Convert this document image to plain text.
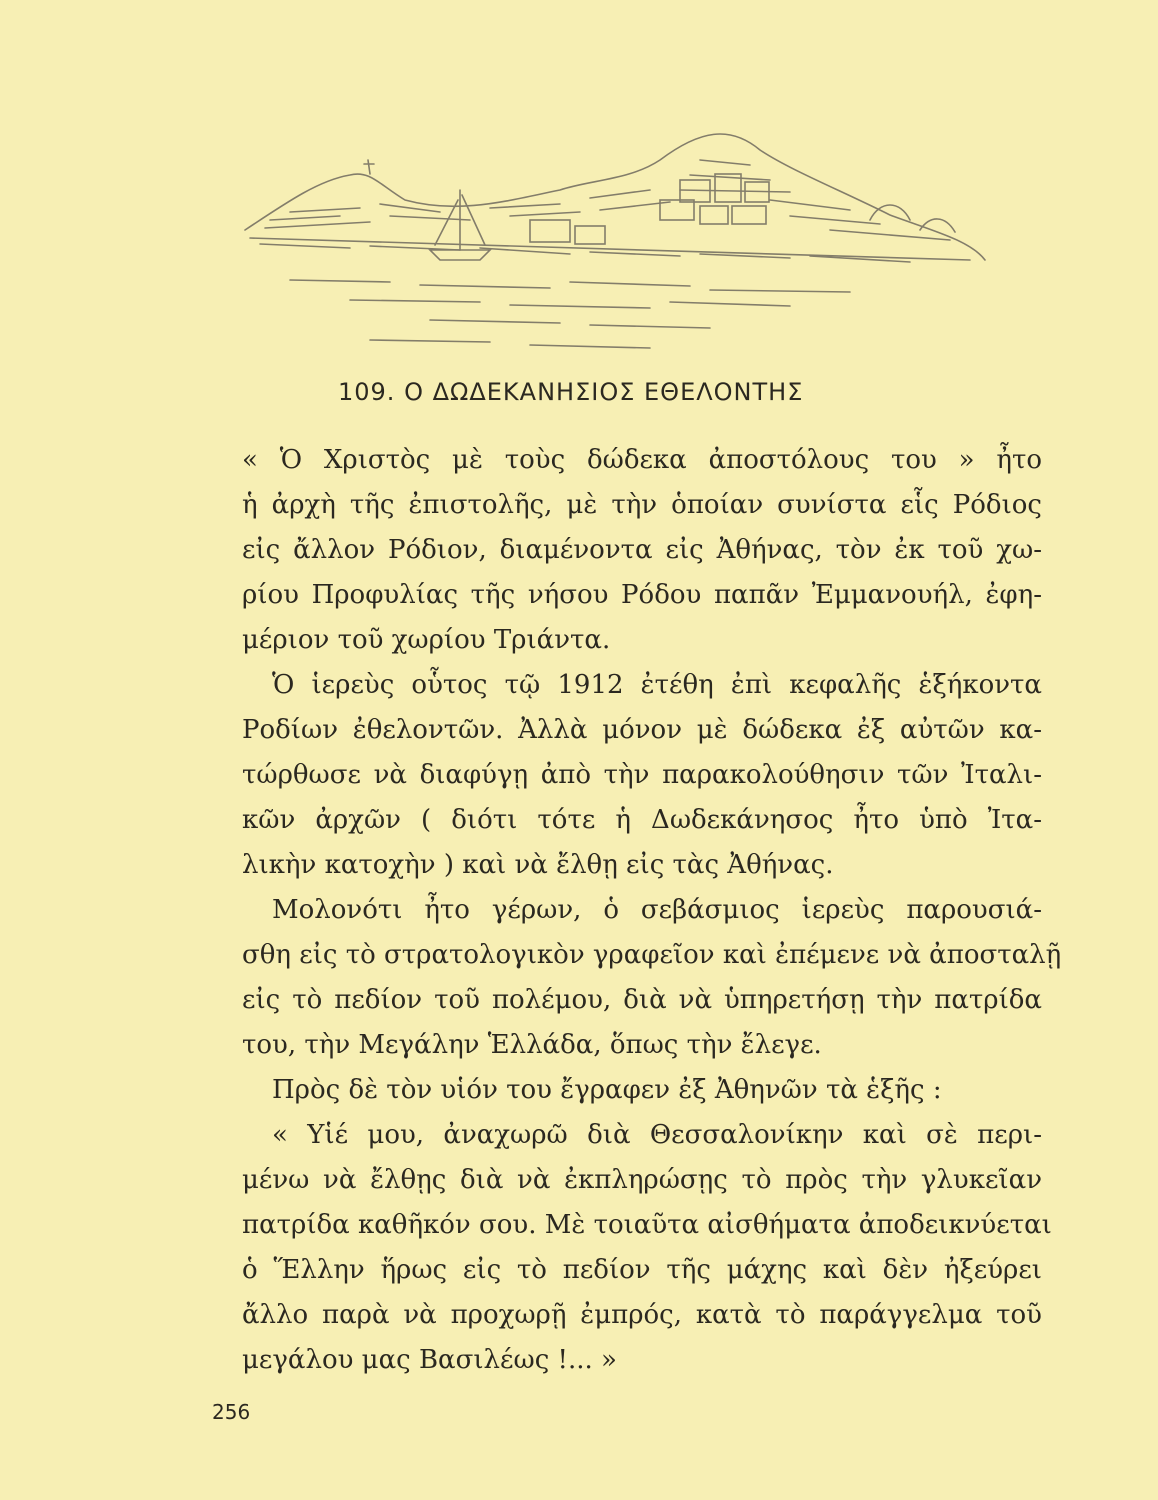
109. Ο ΔΩΔΕΚΑΝΗΣΙΟΣ ΕΘΕΛΟΝΤΗΣ
« Ὁ Χριστὸς μὲ τοὺς δώδεκα ἀποστόλους του » ἦτο
ἡ ἀρχὴ τῆς ἐπιστολῆς, μὲ τὴν ὁποίαν συνίστα εἷς Ρόδιος
εἰς ἄλλον Ρόδιον, διαμένοντα εἰς Ἀθήνας, τὸν ἐκ τοῦ χω-
ρίου Προφυλίας τῆς νήσου Ρόδου παπᾶν Ἐμμανουήλ, ἐφη-
μέριον τοῦ χωρίου Τριάντα.
Ὁ ἱερεὺς οὗτος τῷ 1912 ἐτέθη ἐπὶ κεφαλῆς ἑξήκοντα
Ροδίων ἐθελοντῶν. Ἀλλὰ μόνον μὲ δώδεκα ἐξ αὐτῶν κα-
τώρθωσε νὰ διαφύγῃ ἀπὸ τὴν παρακολούθησιν τῶν Ἰταλι-
κῶν ἀρχῶν ( διότι τότε ἡ Δωδεκάνησος ἦτο ὑπὸ Ἰτα-
λικὴν κατοχὴν ) καὶ νὰ ἔλθῃ εἰς τὰς Ἀθήνας.
Μολονότι ἦτο γέρων, ὁ σεβάσμιος ἱερεὺς παρουσιά-
σθη εἰς τὸ στρατολογικὸν γραφεῖον καὶ ἐπέμενε νὰ ἀποσταλῇ
εἰς τὸ πεδίον τοῦ πολέμου, διὰ νὰ ὑπηρετήσῃ τὴν πατρίδα
του, τὴν Μεγάλην Ἑλλάδα, ὅπως τὴν ἔλεγε.
Πρὸς δὲ τὸν υἱόν του ἔγραφεν ἐξ Ἀθηνῶν τὰ ἑξῆς :
« Υἱέ μου, ἀναχωρῶ διὰ Θεσσαλονίκην καὶ σὲ περι-
μένω νὰ ἔλθῃς διὰ νὰ ἐκπληρώσῃς τὸ πρὸς τὴν γλυκεῖαν
πατρίδα καθῆκόν σου. Μὲ τοιαῦτα αἰσθήματα ἀποδεικνύεται
ὁ Ἕλλην ἥρως εἰς τὸ πεδίον τῆς μάχης καὶ δὲν ἠξεύρει
ἄλλο παρὰ νὰ προχωρῇ ἐμπρός, κατὰ τὸ παράγγελμα τοῦ
μεγάλου μας Βασιλέως !... »
256
